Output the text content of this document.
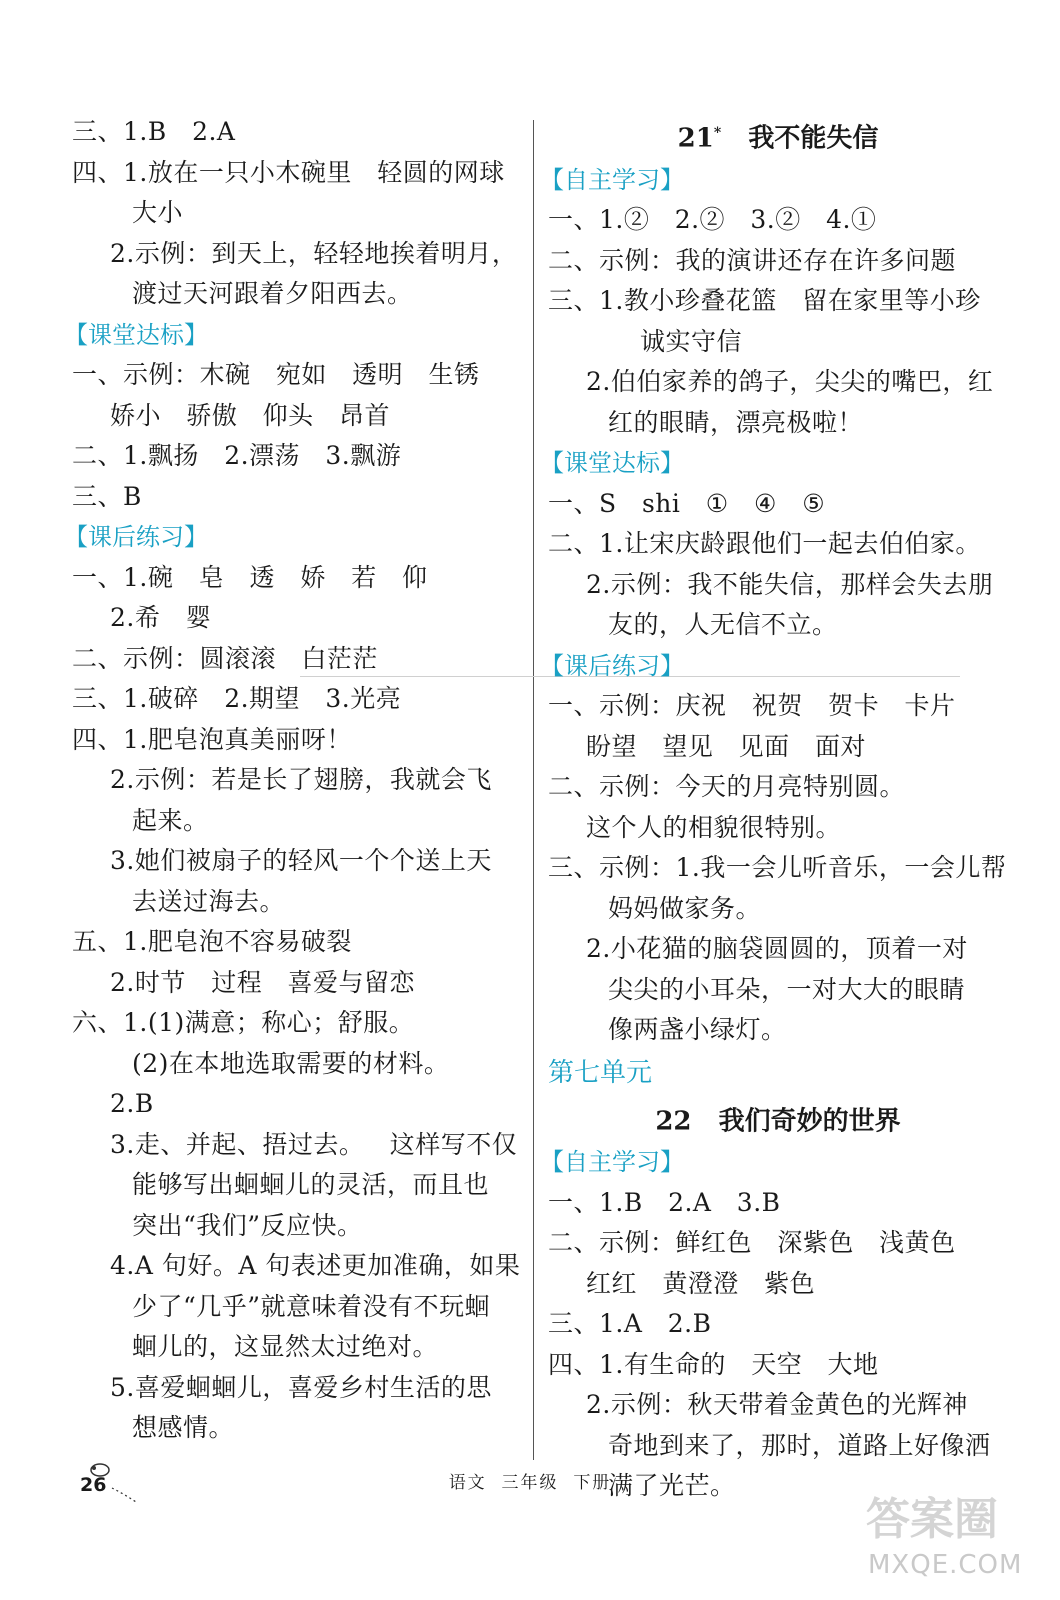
三、1.B   2.A
四、1.放在一只小木碗里   轻圆的网球
大小
2.示例：到天上，轻轻地挨着明月，
渡过天河跟着夕阳西去。
【课堂达标】
一、示例：木碗   宛如   透明   生锈
娇小   骄傲   仰头   昂首
二、1.飘扬   2.漂荡   3.飘游
三、B
【课后练习】
一、1.碗   皂   透   娇   若   仰
2.希   婴
二、示例：圆滚滚   白茫茫
三、1.破碎   2.期望   3.光亮
四、1.肥皂泡真美丽呀！
2.示例：若是长了翅膀，我就会飞
起来。
3.她们被扇子的轻风一个个送上天
去送过海去。
五、1.肥皂泡不容易破裂
2.时节   过程   喜爱与留恋
六、1.(1)满意；称心；舒服。
(2)在本地选取需要的材料。
2.B
3.走、并起、捂过去。   这样写不仅
能够写出蛔蛔儿的灵活，而且也
突出“我们”反应快。
4.A 句好。A 句表述更加准确，如果
少了“几乎”就意味着没有不玩蛔
蛔儿的，这显然太过绝对。
5.喜爱蛔蛔儿，喜爱乡村生活的思
想感情。
21* 我不能失信
【自主学习】
一、1.②   2.②   3.②   4.①
二、示例：我的演讲还存在许多问题
三、1.教小珍叠花篮   留在家里等小珍
诚实守信
2.伯伯家养的鸽子，尖尖的嘴巴，红
红的眼睛，漂亮极啦！
【课堂达标】
一、S   shi   ①   ④   ⑤
二、1.让宋庆龄跟他们一起去伯伯家。
2.示例：我不能失信，那样会失去朋
友的，人无信不立。
【课后练习】
一、示例：庆祝   祝贺   贺卡   卡片
盼望   望见   见面   面对
二、示例：今天的月亮特别圆。
这个人的相貌很特别。
三、示例：1.我一会儿听音乐，一会儿帮
妈妈做家务。
2.小花猫的脑袋圆圆的，顶着一对
尖尖的小耳朵，一对大大的眼睛
像两盏小绿灯。
第七单元
22 我们奇妙的世界
【自主学习】
一、1.B   2.A   3.B
二、示例：鲜红色   深紫色   浅黄色
红红   黄澄澄   紫色
三、1.A   2.B
四、1.有生命的   天空   大地
2.示例：秋天带着金黄色的光辉神
奇地到来了，那时，道路上好像洒
满了光芒。
26	语文 三年级 下册
答案圈
MXQE.COM
